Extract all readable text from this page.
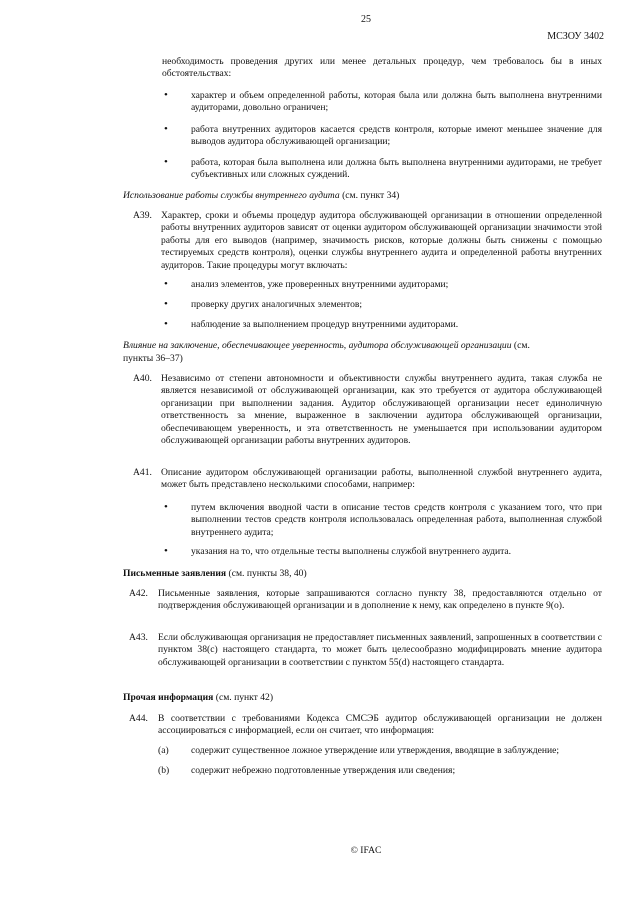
25
МСЗОУ 3402
необходимость проведения других или менее детальных процедур, чем требовалось бы в иных обстоятельствах:
• характер и объем определенной работы, которая была или должна быть выполнена внутренними аудиторами, довольно ограничен;
• работа внутренних аудиторов касается средств контроля, которые имеют меньшее значение для выводов аудитора обслуживающей организации;
• работа, которая была выполнена или должна быть выполнена внутренними аудиторами, не требует субъективных или сложных суждений.
Использование работы службы внутреннего аудита (см. пункт 34)
A39. Характер, сроки и объемы процедур аудитора обслуживающей организации в отношении определенной работы внутренних аудиторов зависят от оценки аудитором обслуживающей организации значимости этой работы для его выводов (например, значимость рисков, которые должны быть снижены с помощью тестируемых средств контроля), оценки службы внутреннего аудита и определенной работы внутренних аудиторов. Такие процедуры могут включать:
• анализ элементов, уже проверенных внутренними аудиторами;
• проверку других аналогичных элементов;
• наблюдение за выполнением процедур внутренними аудиторами.
Влияние на заключение, обеспечивающее уверенность, аудитора обслуживающей организации (см.
пункты 36–37)
A40. Независимо от степени автономности и объективности службы внутреннего аудита, такая служба не является независимой от обслуживающей организации, как это требуется от аудитора обслуживающей организации при выполнении задания. Аудитор обслуживающей организации несет единоличную ответственность за мнение, выраженное в заключении аудитора обслуживающей организации, обеспечивающем уверенность, и эта ответственность не уменьшается при использовании аудитором обслуживающей организации работы внутренних аудиторов.
A41. Описание аудитором обслуживающей организации работы, выполненной службой внутреннего аудита, может быть представлено несколькими способами, например:
• путем включения вводной части в описание тестов средств контроля с указанием того, что при выполнении тестов средств контроля использовалась определенная работа, выполненная службой внутреннего аудита;
• указания на то, что отдельные тесты выполнены службой внутреннего аудита.
Письменные заявления (см. пункты 38, 40)
A42. Письменные заявления, которые запрашиваются согласно пункту 38, предоставляются отдельно от подтверждения обслуживающей организации и в дополнение к нему, как определено в пункте 9(o).
A43. Если обслуживающая организация не предоставляет письменных заявлений, запрошенных в соответствии с пунктом 38(c) настоящего стандарта, то может быть целесообразно модифицировать мнение аудитора обслуживающей организации в соответствии с пунктом 55(d) настоящего стандарта.
Прочая информация (см. пункт 42)
A44. В соответствии с требованиями Кодекса СМСЭБ аудитор обслуживающей организации не должен ассоциироваться с информацией, если он считает, что информация:
(a) содержит существенное ложное утверждение или утверждения, вводящие в заблуждение;
(b) содержит небрежно подготовленные утверждения или сведения;
© IFAC
